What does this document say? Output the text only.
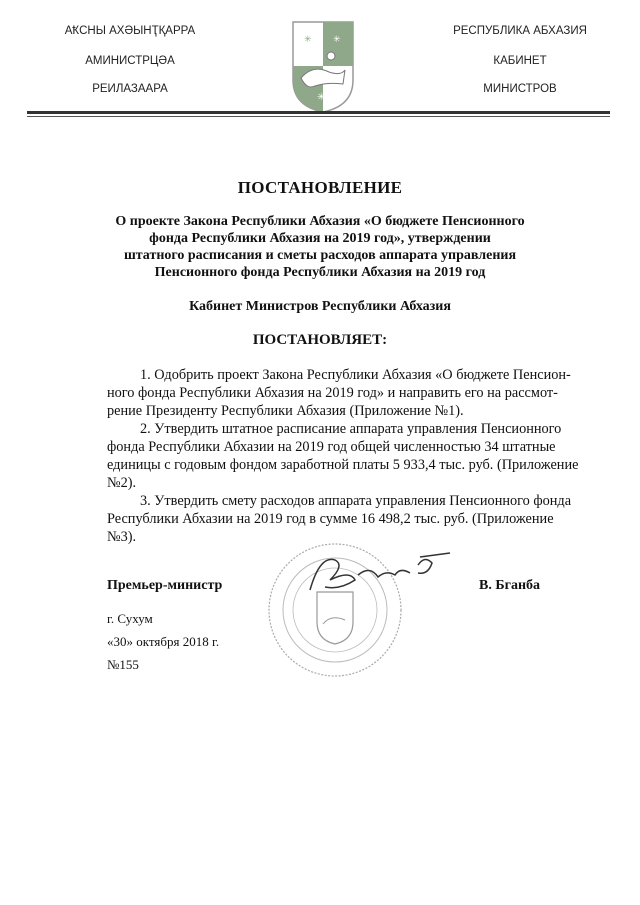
АҞСНЫ АХӘЫНҬҚАРРА
АМИНИСТРЦӘА
РЕИЛАЗААРА
РЕСПУБЛИКА АБХАЗИЯ
КАБИНЕТ
МИНИСТРОВ
✳ ✳
✳
ПОСТАНОВЛЕНИЕ
О проекте Закона Республики Абхазия «О бюджете Пенсионного
фонда Республики Абхазия на 2019 год», утверждении
штатного расписания и сметы расходов аппарата управления
Пенсионного фонда Республики Абхазия на 2019 год
Кабинет Министров Республики Абхазия
ПОСТАНОВЛЯЕТ:
1. Одобрить проект Закона Республики Абхазия «О бюджете Пенсион-
ного фонда Республики Абхазия на 2019 год» и направить его на рассмот-
рение Президенту Республики Абхазия (Приложение №1).
2. Утвердить штатное расписание аппарата управления Пенсионного
фонда Республики Абхазии на 2019 год общей численностью 34 штатные
единицы с годовым фондом заработной платы 5 933,4 тыс. руб. (Приложение
№2).
3. Утвердить смету расходов аппарата управления Пенсионного фонда
Республики Абхазии на 2019 год в сумме 16 498,2 тыс. руб. (Приложение
№3).
Премьер-министр	В. Бганба
г. Сухум
«30» октября 2018 г.
№155
